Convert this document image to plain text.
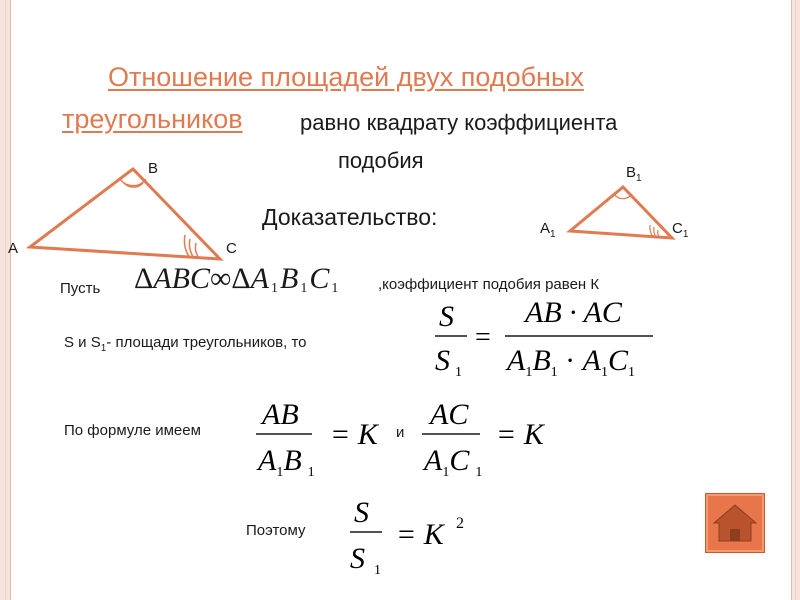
Отношение площадей двух подобных
треугольников	равно квадрату коэффициента
подобия
B
A	C
$B_1$
$A_1$	$C_1$
Доказательство:
Пусть ΔABC∞ΔA 1B 1C 1	,коэффициент подобия равен К
S и $S_1-$ площади треугольников, то
S
S 1
=
AB · AC
$A_1B_1 \cdot A_1C_1$
По формуле имеем AB
$A_1B$ $_1$
= K и
AC
$A_1C$ $_1$
= K
Поэтому
S
S 1
= K 2
